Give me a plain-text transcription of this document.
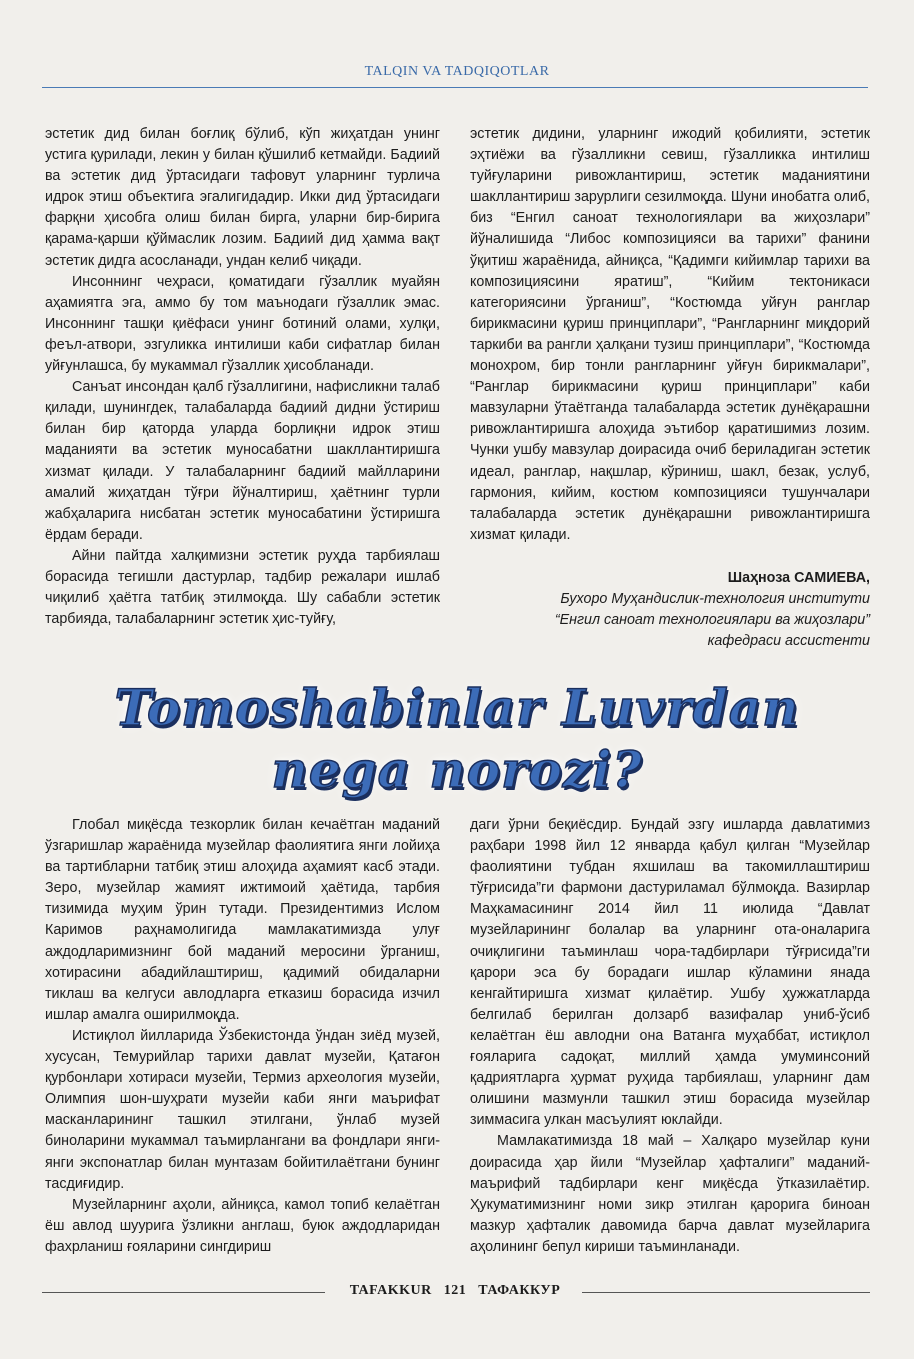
TALQIN VA TADQIQOTLAR

эстетик дид билан боғлиқ бўлиб, кўп жиҳатдан унинг устига қурилади, лекин у билан қўшилиб кетмайди. Бадиий ва эстетик дид ўртасидаги тафовут уларнинг турлича идрок этиш объектига эгалигидадир. Икки дид ўртасидаги фарқни ҳисобга олиш билан бирга, уларни бир-бирига қарама-қарши қўймаслик лозим. Бадиий дид ҳамма вақт эстетик дидга асосланади, ундан келиб чиқади.

Инсоннинг чеҳраси, қоматидаги гўзаллик муайян аҳамиятга эга, аммо бу том маънодаги гўзаллик эмас. Инсоннинг ташқи қиёфаси унинг ботиний олами, хулқи, феъл-атвори, эзгуликка интилиши каби сифатлар билан уйғунлашса, бу мукаммал гўзаллик ҳисобланади.

Санъат инсондан қалб гўзаллигини, нафисликни талаб қилади, шунингдек, талабаларда бадиий дидни ўстириш билан бир қаторда уларда борлиқни идрок этиш маданияти ва эстетик муносабатни шакллантиришга хизмат қилади. У талабаларнинг бадиий майлларини амалий жиҳатдан тўғри йўналтириш, ҳаётнинг турли жабҳаларига нисбатан эстетик муносабатини ўстиришга ёрдам беради.

Айни пайтда халқимизни эстетик руҳда тарбиялаш борасида тегишли дастурлар, тадбир режалари ишлаб чиқилиб ҳаётга татбиқ этилмоқда. Шу сабабли эстетик тарбияда, талабаларнинг эстетик ҳис-туйғу,

эстетик дидини, уларнинг ижодий қобилияти, эстетик эҳтиёжи ва гўзалликни севиш, гўзалликка интилиш туйғуларини ривожлантириш, эстетик маданиятини шакллантириш зарурлиги сезилмоқда. Шуни инобатга олиб, биз “Енгил саноат технологиялари ва жиҳозлари” йўналишида “Либос композицияси ва тарихи” фанини ўқитиш жараёнида, айниқса, “Қадимги кийимлар тарихи ва композициясини яратиш”, “Кийим тектоникаси категориясини ўрганиш”, “Костюмда уйғун ранглар бирикмасини қуриш принциплари”, “Рангларнинг миқдорий таркиби ва рангли ҳалқани тузиш принциплари”, “Костюмда монохром, бир тонли рангларнинг уйғун бирикмалари”, “Ранглар бирикмасини қуриш принциплари” каби мавзуларни ўтаётганда талабаларда эстетик дунёқарашни ривожлантиришга алоҳида эътибор қаратишимиз лозим. Чунки ушбу мавзулар доирасида очиб бериладиган эстетик идеал, ранглар, нақшлар, кўриниш, шакл, безак, услуб, гармония, кийим, костюм композицияси тушунчалари талабаларда эстетик дунёқарашни ривожлантиришга хизмат қилади.

Шаҳноза САМИЕВА,
Бухоро Муҳандислик-технология институти
“Енгил саноат технологиялари ва жиҳозлари”
кафедраси ассистенти
Tomoshabinlar Luvrdan
nega norozi?

Глобал миқёсда тезкорлик билан кечаётган маданий ўзгаришлар жараёнида музейлар фаолиятига янги лойиҳа ва тартибларни татбиқ этиш алоҳида аҳамият касб этади. Зеро, музейлар жамият ижтимоий ҳаётида, тарбия тизимида муҳим ўрин тутади. Президентимиз Ислом Каримов раҳнамолигида мамлакатимизда улуғ аждодларимизнинг бой маданий меросини ўрганиш, хотирасини абадийлаштириш, қадимий обидаларни тиклаш ва келгуси авлодларга етказиш борасида изчил ишлар амалга оширилмоқда.

Истиқлол йилларида Ўзбекистонда ўндан зиёд музей, хусусан, Темурийлар тарихи давлат музейи, Қатағон қурбонлари хотираси музейи, Термиз археология музейи, Олимпия шон-шуҳрати музейи каби янги маърифат масканларининг ташкил этилгани, ўнлаб музей биноларини мукаммал таъмирлангани ва фондлари янги-янги экспонатлар билан мунтазам бойитилаётгани бунинг тасдиғидир.

Музейларнинг аҳоли, айниқса, камол топиб келаётган ёш авлод шуурига ўзликни англаш, буюк аждодларидан фахрланиш ғояларини сингдириш

даги ўрни беқиёсдир. Бундай эзгу ишларда давлатимиз раҳбари 1998 йил 12 январда қабул қилган “Музейлар фаолиятини тубдан яхшилаш ва такомиллаштириш тўғрисида”ги фармони дастуриламал бўлмоқда. Вазирлар Маҳкамасининг 2014 йил 11 июлида “Давлат музейларининг болалар ва уларнинг ота-оналарига очиқлигини таъминлаш чора-тадбирлари тўғрисида”ги қарори эса бу борадаги ишлар кўламини янада кенгайтиришга хизмат қилаётир. Ушбу ҳужжатларда белгилаб берилган долзарб вазифалар униб-ўсиб келаётган ёш авлодни она Ватанга муҳаббат, истиқлол ғояларига садоқат, миллий ҳамда умуминсоний қадриятларга ҳурмат руҳида тарбиялаш, уларнинг дам олишини мазмунли ташкил этиш борасида музейлар зиммасига улкан масъулият юклайди.

Мамлакатимизда 18 май – Халқаро музейлар куни доирасида ҳар йили “Музейлар ҳафталиги” маданий-маърифий тадбирлари кенг миқёсда ўтказилаётир. Ҳукуматимизнинг номи зикр этилган қарорига биноан мазкур ҳафталик давомида барча давлат музейларига аҳолининг бепул кириши таъминланади.

TAFAKKUR 121 ТАФАККУР
